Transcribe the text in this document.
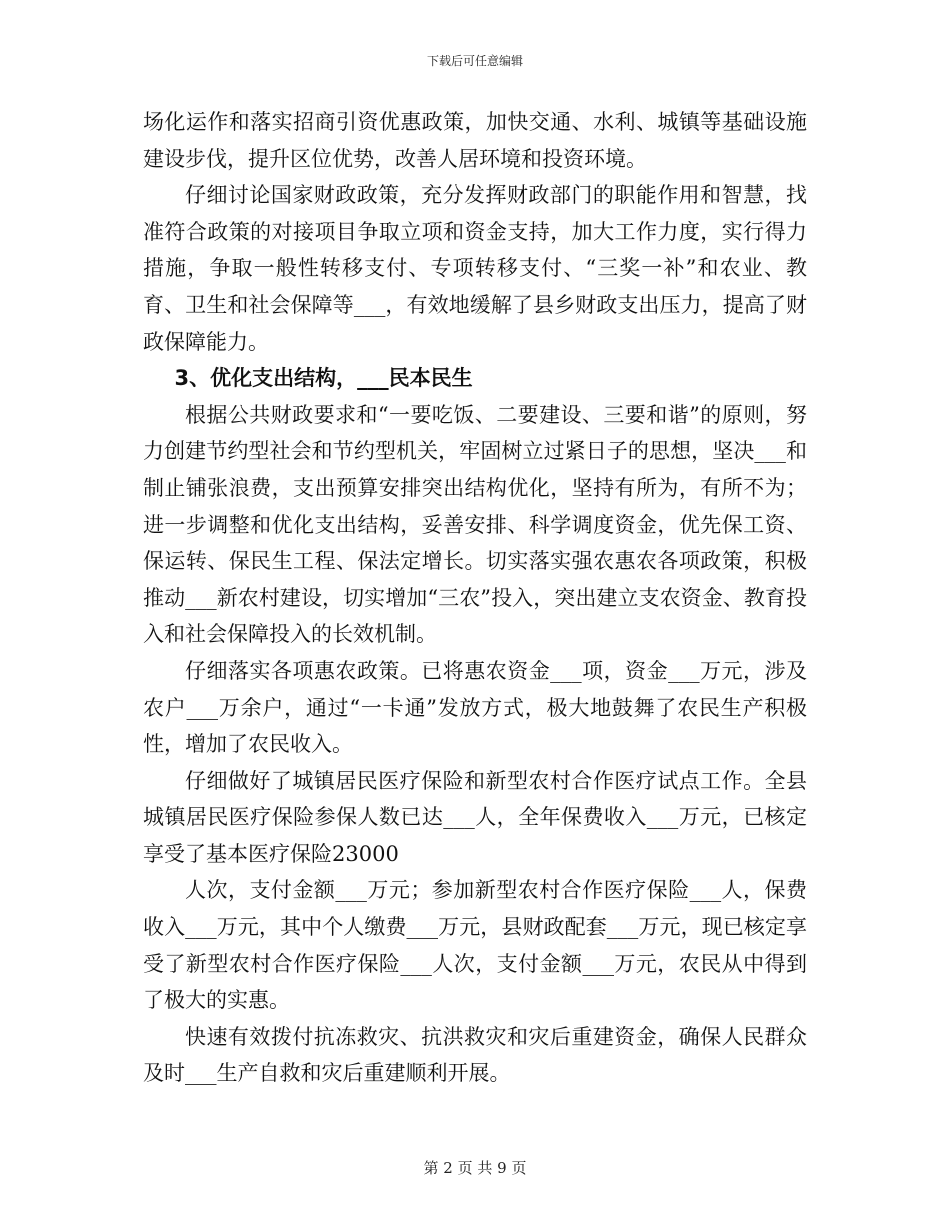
下载后可任意编辑

场化运作和落实招商引资优惠政策，加快交通、水利、城镇等基础设施建设步伐，提升区位优势，改善人居环境和投资环境。

仔细讨论国家财政政策，充分发挥财政部门的职能作用和智慧，找准符合政策的对接项目争取立项和资金支持，加大工作力度，实行得力措施，争取一般性转移支付、专项转移支付、“三奖一补”和农业、教育、卫生和社会保障等___，有效地缓解了县乡财政支出压力，提高了财政保障能力。

3、优化支出结构，___民本民生

根据公共财政要求和“一要吃饭、二要建设、三要和谐”的原则，努力创建节约型社会和节约型机关，牢固树立过紧日子的思想，坚决___和制止铺张浪费，支出预算安排突出结构优化，坚持有所为，有所不为；进一步调整和优化支出结构，妥善安排、科学调度资金，优先保工资、保运转、保民生工程、保法定增长。切实落实强农惠农各项政策，积极推动___新农村建设，切实增加“三农”投入，突出建立支农资金、教育投入和社会保障投入的长效机制。

仔细落实各项惠农政策。已将惠农资金___项，资金___万元，涉及农户___万余户，通过“一卡通”发放方式，极大地鼓舞了农民生产积极性，增加了农民收入。

仔细做好了城镇居民医疗保险和新型农村合作医疗试点工作。全县城镇居民医疗保险参保人数已达___人，全年保费收入___万元，已核定享受了基本医疗保险23000

人次，支付金额___万元；参加新型农村合作医疗保险___人，保费收入___万元，其中个人缴费___万元，县财政配套___万元，现已核定享受了新型农村合作医疗保险___人次，支付金额___万元，农民从中得到了极大的实惠。

快速有效拨付抗冻救灾、抗洪救灾和灾后重建资金，确保人民群众及时___生产自救和灾后重建顺利开展。

第 2 页 共 9 页
